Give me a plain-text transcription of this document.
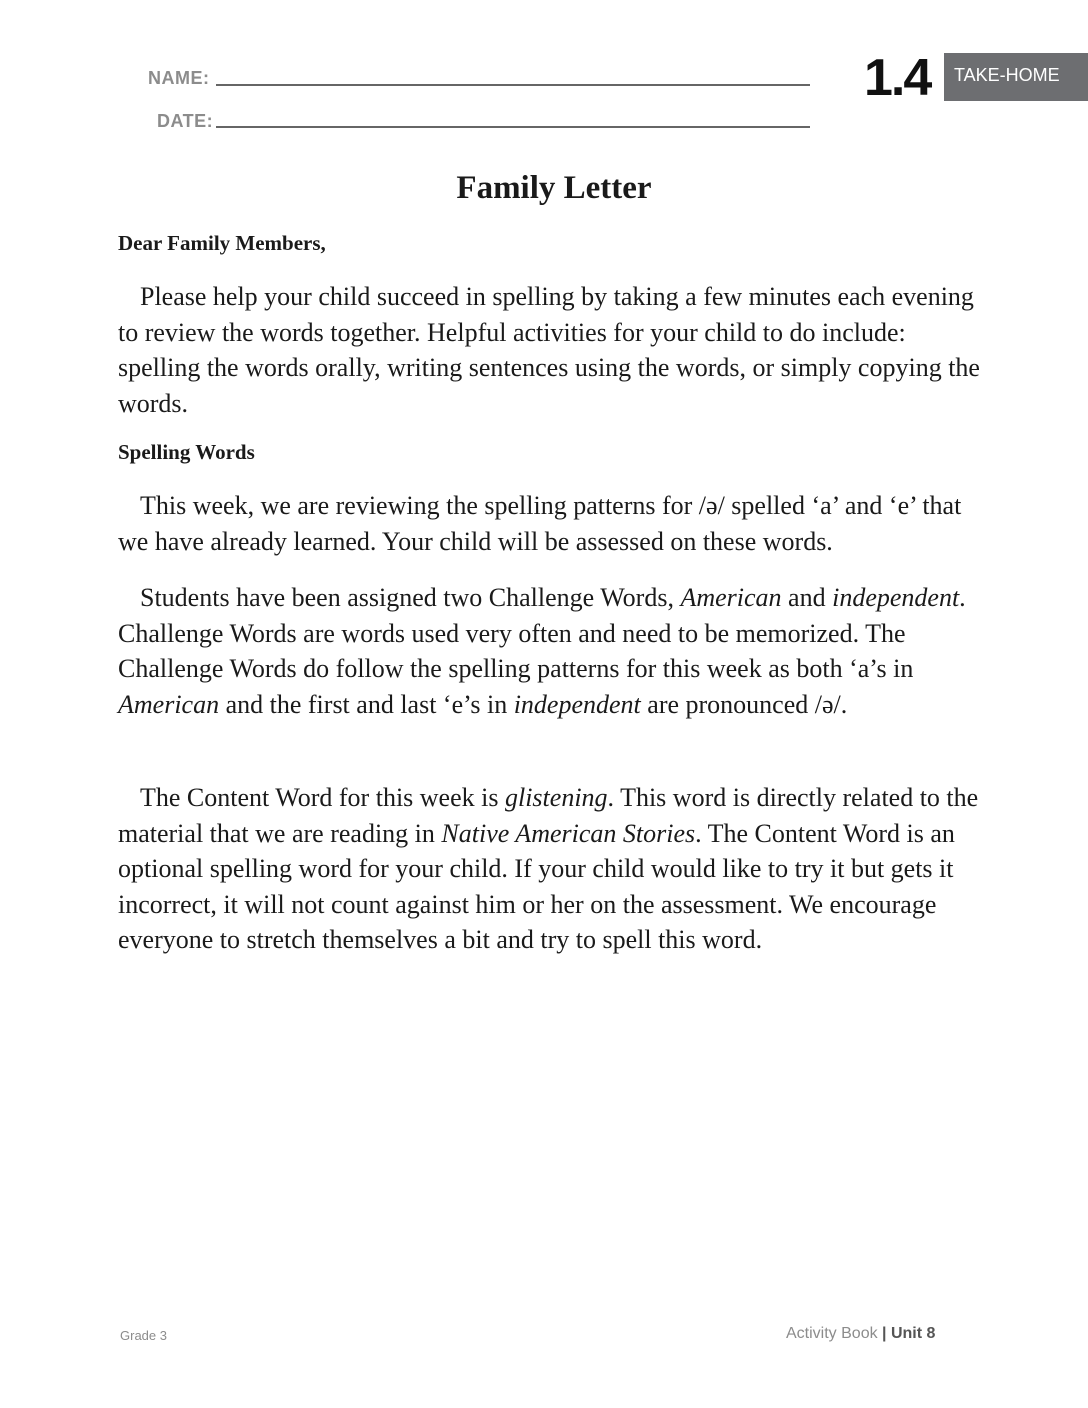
NAME:
DATE:
1.4	TAKE-HOME
Family Letter
Dear Family Members,

Please help your child succeed in spelling by taking a few minutes each evening to review the words together. Helpful activities for your child to do include: spelling the words orally, writing sentences using the words, or simply copying the words.

Spelling Words

This week, we are reviewing the spelling patterns for /ə/ spelled ‘a’ and ‘e’ that we have already learned. Your child will be assessed on these words.

Students have been assigned two Challenge Words, American and independent. Challenge Words are words used very often and need to be memorized. The Challenge Words do follow the spelling patterns for this week as both ‘a’s in American and the first and last ‘e’s in independent are pronounced /ə/.

The Content Word for this week is glistening. This word is directly related to the material that we are reading in Native American Stories. The Content Word is an optional spelling word for your child. If your child would like to try it but gets it incorrect, it will not count against him or her on the assessment. We encourage everyone to stretch themselves a bit and try to spell this word.

Grade 3	Activity Book | Unit 8
